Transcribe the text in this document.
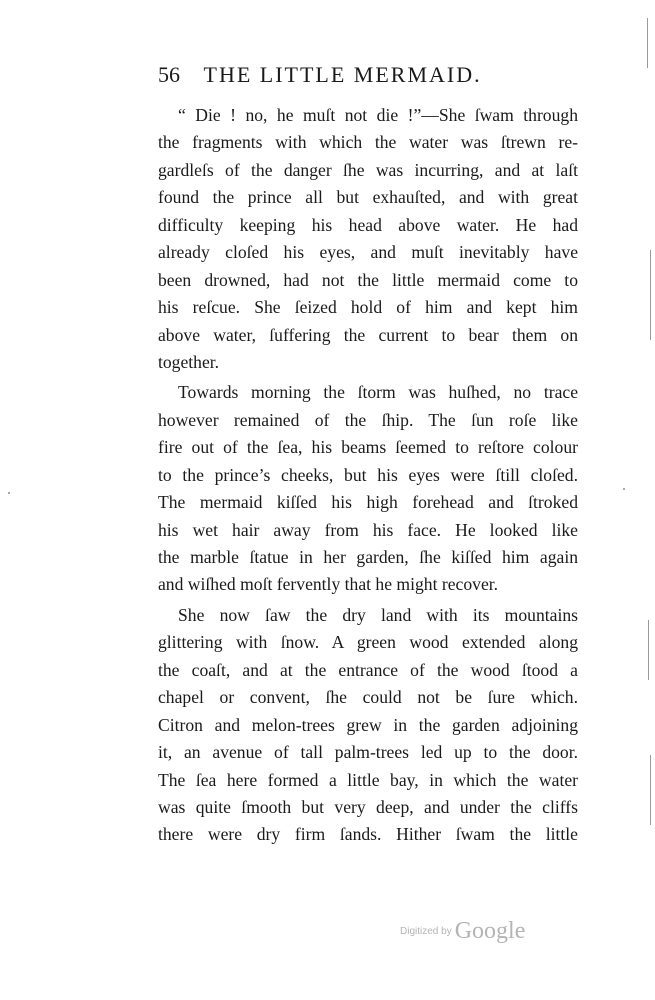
56 THE LITTLE MERMAID.
“ Die ! no, he muſt not die !”—She ſwam through
the fragments with which the water was ſtrewn re-
gardleſs of the danger ſhe was incurring, and at laſt
found the prince all but exhauſted, and with great
difficulty keeping his head above water. He had
already cloſed his eyes, and muſt inevitably have
been drowned, had not the little mermaid come to
his reſcue. She ſeized hold of him and kept him
above water, ſuffering the current to bear them on
together.
Towards morning the ſtorm was huſhed, no trace
however remained of the ſhip. The ſun roſe like
fire out of the ſea, his beams ſeemed to reſtore colour
to the prince’s cheeks, but his eyes were ſtill cloſed.
The mermaid kiſſed his high forehead and ſtroked
his wet hair away from his face. He looked like
the marble ſtatue in her garden, ſhe kiſſed him again
and wiſhed moſt fervently that he might recover.
She now ſaw the dry land with its mountains
glittering with ſnow. A green wood extended along
the coaſt, and at the entrance of the wood ſtood a
chapel or convent, ſhe could not be ſure which.
Citron and melon-trees grew in the garden adjoining
it, an avenue of tall palm-trees led up to the door.
The ſea here formed a little bay, in which the water
was quite ſmooth but very deep, and under the cliffs
there were dry firm ſands. Hither ſwam the little
Digitized by Google
